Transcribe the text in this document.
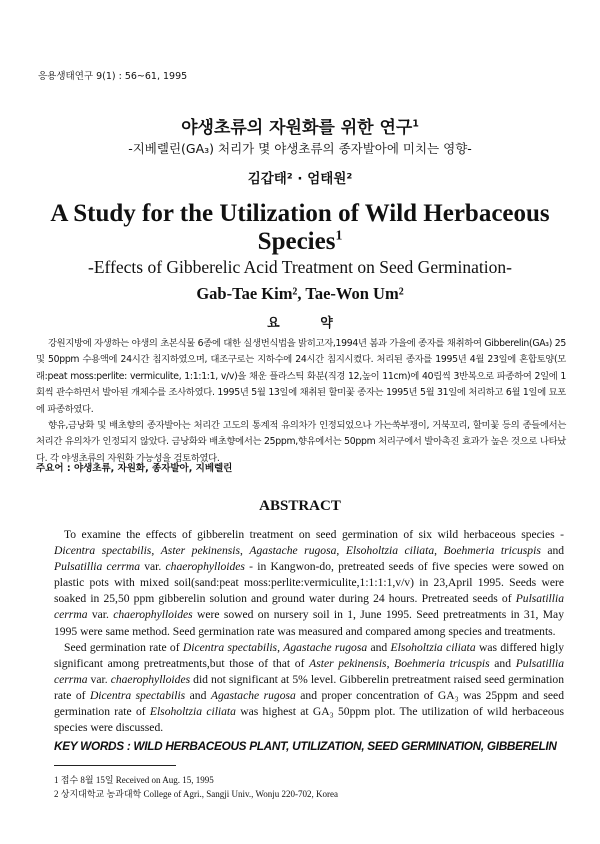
응용생태연구 9(1) : 56~61, 1995
야생초류의 자원화를 위한 연구$^1$
-지베렐린(GA₃) 처리가 몇 야생초류의 종자발아에 미치는 영향-
김갑태² · 엄태원²
A Study for the Utilization of Wild Herbaceous
Species$^1$
-Effects of Gibberelic Acid Treatment on Seed Germination-
Gab-Tae Kim², Tae-Won Um²
요 약

강원지방에 자생하는 야생의 초본식물 6종에 대한 실생번식법을 밝히고자,1994년 봄과 가을에 종자를 채취하여 Gibberelin(GA₃) 25 및 50ppm 수용액에 24시간 침지하였으며, 대조구로는 지하수에 24시간 침지시켰다. 처리된 종자를 1995년 4월 23일에 혼합토양(모래:peat moss:perlite: vermiculite, 1:1:1:1, v/v)을 채운 플라스틱 화분(직경 12,높이 11cm)에 40립씩 3반복으로 파종하여 2일에 1회씩 관수하면서 발아된 개체수를 조사하였다. 1995년 5월 13일에 채취된 할미꽃 종자는 1995년 5월 31일에 처리하고 6월 1일에 묘포에 파종하였다.

향유,금낭화 및 배초향의 종자발아는 처리간 고도의 통계적 유의차가 인정되었으나 가는쑥부쟁이, 거북꼬리, 할미꽃 등의 종들에서는 처리간 유의차가 인정되지 않았다. 금낭화와 배초향에서는 25ppm,향유에서는 50ppm 처리구에서 발아촉진 효과가 높은 것으로 나타났다. 각 야생초류의 자원화 가능성을 검토하였다.

주요어 : 야생초류, 자원화, 종자발아, 지베렐린
ABSTRACT

To examine the effects of gibberelin treatment on seed germination of six wild herbaceous species - Dicentra spectabilis, Aster pekinensis, Agastache rugosa, Elsoholtzia ciliata, Boehmeria tricuspis and Pulsatillia cerrma var. chaerophylloides - in Kangwon-do, pretreated seeds of five species were sowed on plastic pots with mixed soil(sand:peat moss:perlite:vermiculite,1:1:1:1,v/v) in 23,April 1995. Seeds were soaked in 25,50 ppm gibberelin solution and ground water during 24 hours. Pretreated seeds of Pulsatillia cerrma var. chaerophylloides were sowed on nursery soil in 1, June 1995. Seed pretreatments in 31, May 1995 were same method. Seed germination rate was measured and compared among species and treatments.

Seed germination rate of Dicentra spectabilis, Agastache rugosa and Elsoholtzia ciliata was differed higly significant among pretreatments,but those of that of Aster pekinensis, Boehmeria tricuspis and Pulsatillia cerrma var. chaerophylloides did not significant at 5% level. Gibberelin pretreatment raised seed germination rate of Dicentra spectabilis and Agastache rugosa and proper concentration of GA₃ was 25ppm and seed germination rate of Elsoholtzia ciliata was highest at GA₃ 50ppm plot. The utilization of wild herbaceous species were discussed.

KEY WORDS : WILD HERBACEOUS PLANT, UTILIZATION, SEED GERMINATION, GIBBERELIN
1 접수 8월 15일 Received on Aug. 15, 1995
2 상지대학교 농과대학 College of Agri., Sangji Univ., Wonju 220-702, Korea
